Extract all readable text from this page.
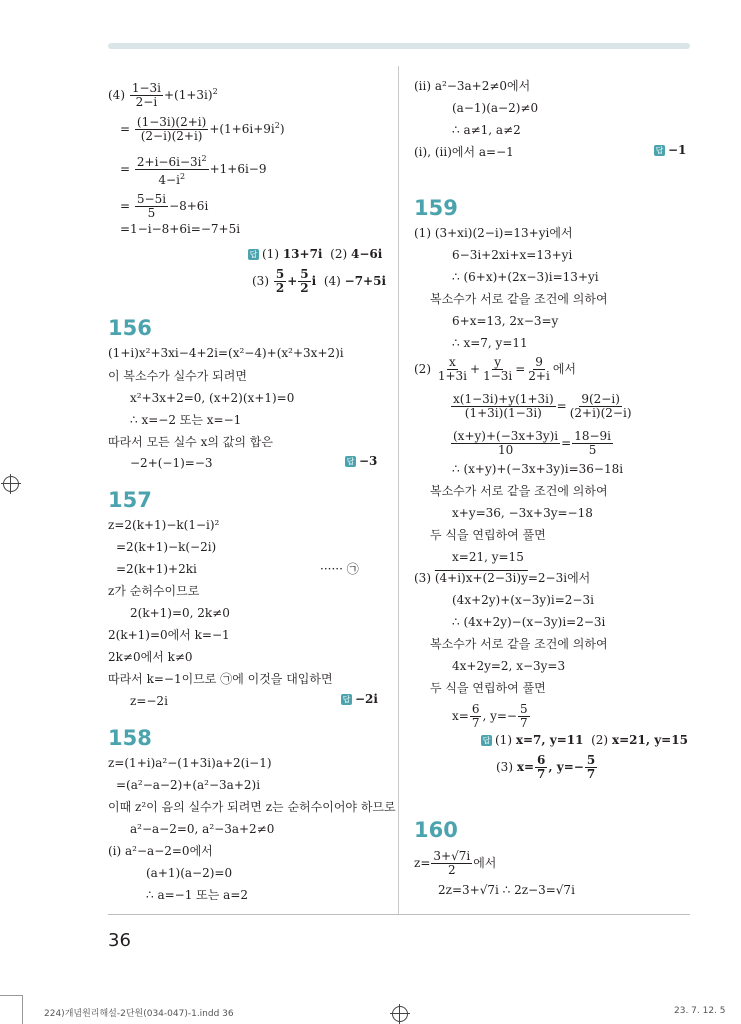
$(4) \frac{1-3i}{2-i} +(1+3i)^2$
= $\frac{(1-3i)(2+i)}{(2-i)(2+i)} +(1+6i+9i^2)$
= $\frac{2+i-6i-3i^2}{4-i^2} +1+6i-9$
= $\frac{5-5i}{5} -8+6i$
=1−i−8+6i=−7+5i
답 (1) 13+7i (2) 4−6i
$(3) \frac{5}{2} + \frac{5}{2}$ i (4) −7+5i
156
(1+i)x²+3xi−4+2i=(x²−4)+(x²+3x+2)i
이 복소수가 실수가 되려면
x²+3x+2=0, (x+2)(x+1)=0
∴ x=−2 또는 x=−1
따라서 모든 실수 x의 값의 합은
−2+(−1)=−3	답 −3
157
z=2(k+1)−k(1−i)²
=2(k+1)−k(−2i)
=2(k+1)+2ki	······ ㉠
z가 순허수이므로
2(k+1)=0, 2k≠0
2(k+1)=0에서 k=−1
2k≠0에서 k≠0
따라서 k=−1이므로 ㉠에 이것을 대입하면
z=−2i	답 −2i
158
z=(1+i)a²−(1+3i)a+2(i−1)
=(a²−a−2)+(a²−3a+2)i
이때 z²이 음의 실수가 되려면 z는 순허수이어야 하므로
a²−a−2=0, a²−3a+2≠0
(i) a²−a−2=0에서
(a+1)(a−2)=0
∴ a=−1 또는 a=2
(ii) a²−3a+2≠0에서
(a−1)(a−2)≠0
∴ a≠1, a≠2
(i), (ii)에서 a=−1	답 −1
159
(1) (3+xi)(2−i)=13+yi에서
6−3i+2xi+x=13+yi
∴ (6+x)+(2x−3)i=13+yi
복소수가 서로 같을 조건에 의하여
6+x=13, 2x−3=y
∴ x=7, y=11
$(2) \frac{x}{1+3i} + \frac{y}{1-3i} = \frac{9}{2+i}$ 에서
$\frac{x(1-3i)+y(1+3i)}{(1+3i)(1-3i)} = \frac{9(2-i)}{(2+i)(2-i)}$
$\frac{(x+y)+(-3x+3y)i}{10} = \frac{18-9i}{5}$
∴ (x+y)+(−3x+3y)i=36−18i
복소수가 서로 같을 조건에 의하여
x+y=36, −3x+3y=−18
두 식을 연립하여 풀면
x=21, y=15
(3) (4+i)x+(2−3i)y=2−3i에서
(4x+2y)+(x−3y)i=2−3i
∴ (4x+2y)−(x−3y)i=2−3i
복소수가 서로 같을 조건에 의하여
4x+2y=2, x−3y=3
두 식을 연립하여 풀면
$x= \frac{6}{7}$ , $y=- \frac{5}{7}$
답 (1) x=7, y=11 (2) x=21, y=15
(3) $x= \frac{6}{7}$ , $y=- \frac{5}{7}$
160
$z= \frac{3+√7i}{2}$ 에서
2z=3+√7i ∴ 2z−3=√7i
36
224)개념원리해설-2단원(034-047)-1.indd 36	23. 7. 12. 5
